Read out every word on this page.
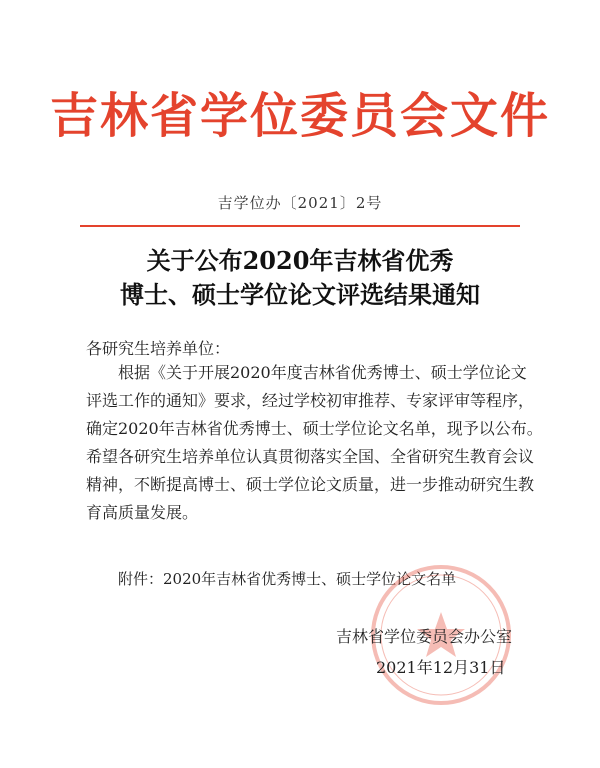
吉林省学位委员会文件
吉学位办〔2021〕2号
关于公布2020年吉林省优秀
博士、硕士学位论文评选结果通知
各研究生培养单位：
根据《关于开展2020年度吉林省优秀博士、硕士学位论文
评选工作的通知》要求，经过学校初审推荐、专家评审等程序，
确定2020年吉林省优秀博士、硕士学位论文名单，现予以公布。
希望各研究生培养单位认真贯彻落实全国、全省研究生教育会议
精神，不断提高博士、硕士学位论文质量，进一步推动研究生教
育高质量发展。
附件：2020年吉林省优秀博士、硕士学位论文名单
吉林省学位委员会办公室
2021年12月31日
